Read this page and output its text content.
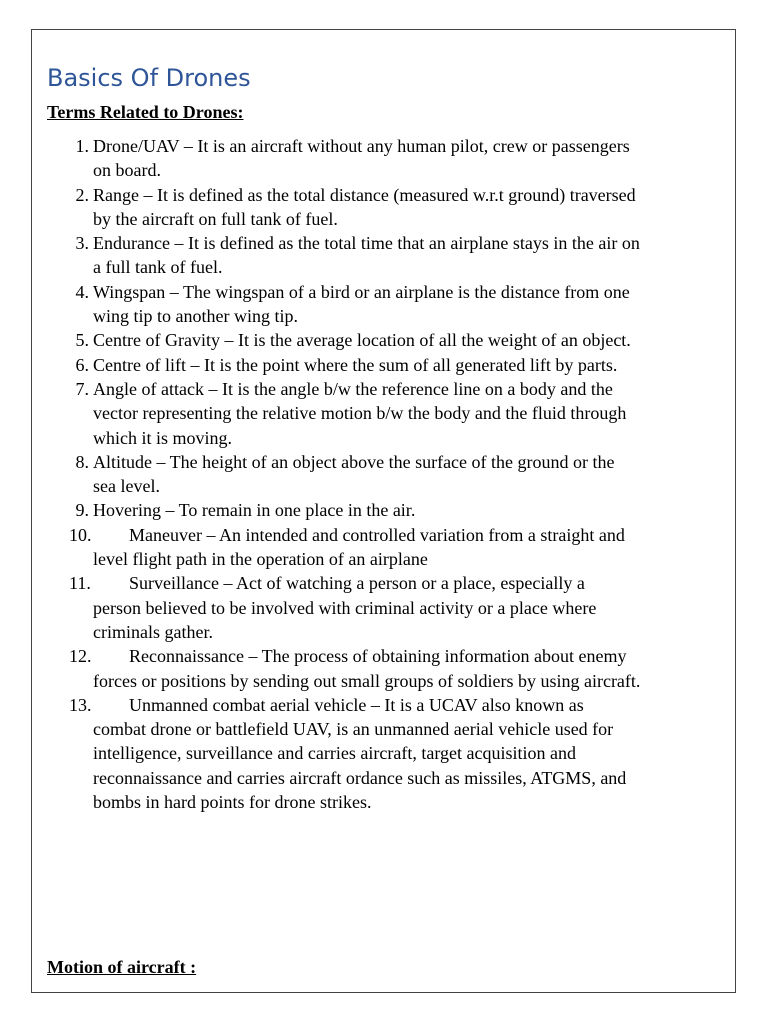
Basics Of Drones
Terms Related to Drones:
1. Drone/UAV – It is an aircraft without any human pilot, crew or passengers
on board.
2. Range – It is defined as the total distance (measured w.r.t ground) traversed
by the aircraft on full tank of fuel.
3. Endurance – It is defined as the total time that an airplane stays in the air on
a full tank of fuel.
4. Wingspan – The wingspan of a bird or an airplane is the distance from one
wing tip to another wing tip.
5. Centre of Gravity – It is the average location of all the weight of an object.
6. Centre of lift – It is the point where the sum of all generated lift by parts.
7. Angle of attack – It is the angle b/w the reference line on a body and the
vector representing the relative motion b/w the body and the fluid through
which it is moving.
8. Altitude – The height of an object above the surface of the ground or the
sea level.
9. Hovering – To remain in one place in the air.
10. Maneuver – An intended and controlled variation from a straight and
level flight path in the operation of an airplane
11. Surveillance – Act of watching a person or a place, especially a
person believed to be involved with criminal activity or a place where
criminals gather.
12. Reconnaissance – The process of obtaining information about enemy
forces or positions by sending out small groups of soldiers by using aircraft.
13. Unmanned combat aerial vehicle – It is a UCAV also known as
combat drone or battlefield UAV, is an unmanned aerial vehicle used for
intelligence, surveillance and carries aircraft, target acquisition and
reconnaissance and carries aircraft ordance such as missiles, ATGMS, and
bombs in hard points for drone strikes.
Motion of aircraft :
